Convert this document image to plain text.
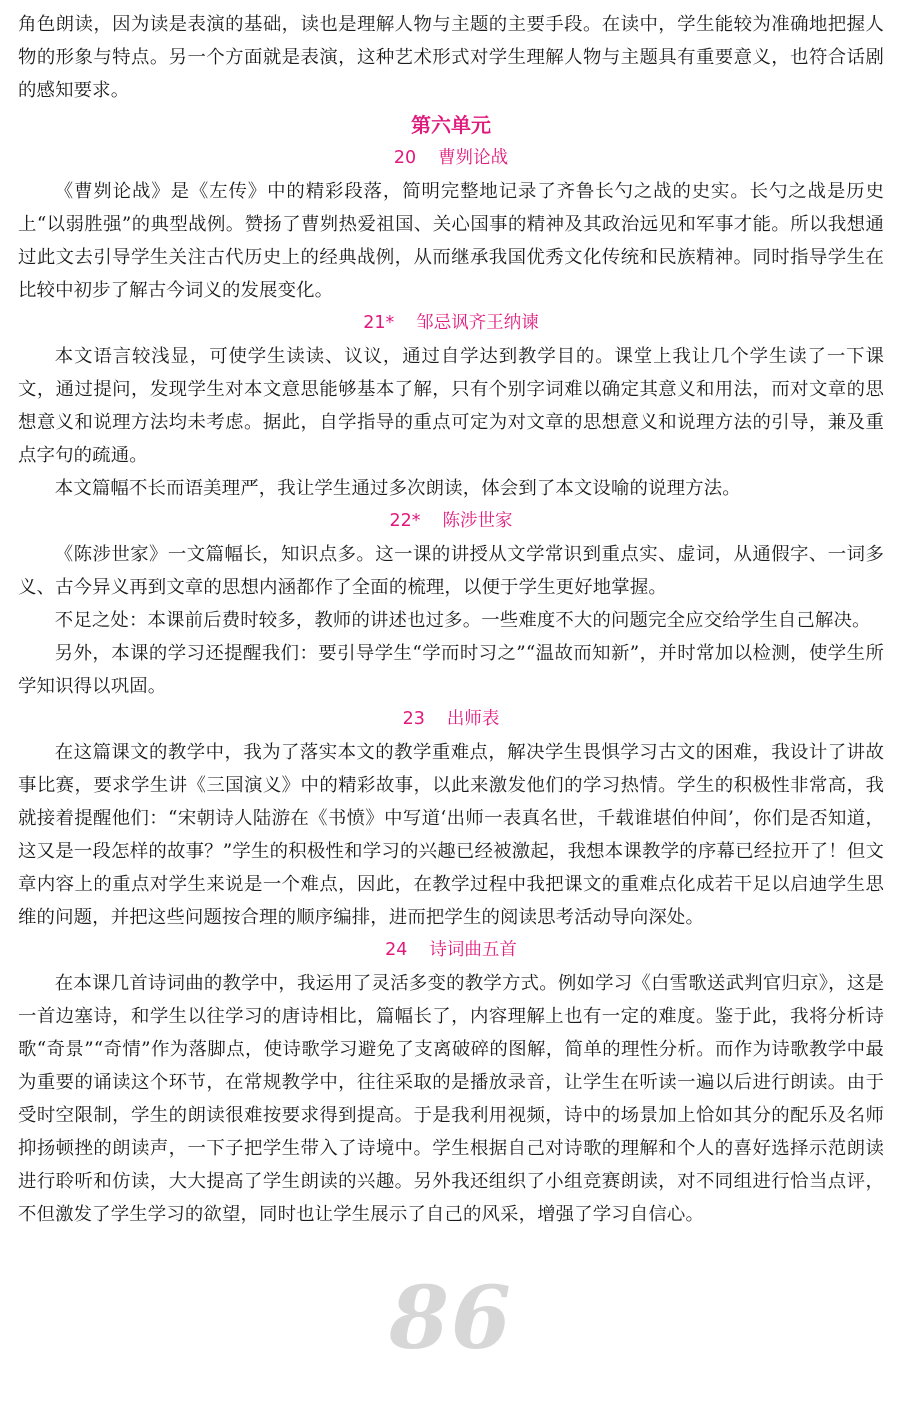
角色朗读，因为读是表演的基础，读也是理解人物与主题的主要手段。在读中，学生能较为准确地把握人物的形象与特点。另一个方面就是表演，这种艺术形式对学生理解人物与主题具有重要意义，也符合话剧的感知要求。

第六单元
20 曹刿论战

《曹刿论战》是《左传》中的精彩段落，简明完整地记录了齐鲁长勺之战的史实。长勺之战是历史上“以弱胜强”的典型战例。赞扬了曹刿热爱祖国、关心国事的精神及其政治远见和军事才能。所以我想通过此文去引导学生关注古代历史上的经典战例，从而继承我国优秀文化传统和民族精神。同时指导学生在比较中初步了解古今词义的发展变化。

21* 邹忌讽齐王纳谏

本文语言较浅显，可使学生读读、议议，通过自学达到教学目的。课堂上我让几个学生读了一下课文，通过提问，发现学生对本文意思能够基本了解，只有个别字词难以确定其意义和用法，而对文章的思想意义和说理方法均未考虑。据此，自学指导的重点可定为对文章的思想意义和说理方法的引导，兼及重点字句的疏通。

本文篇幅不长而语美理严，我让学生通过多次朗读，体会到了本文设喻的说理方法。

22* 陈涉世家

《陈涉世家》一文篇幅长，知识点多。这一课的讲授从文学常识到重点实、虚词，从通假字、一词多义、古今异义再到文章的思想内涵都作了全面的梳理，以便于学生更好地掌握。

不足之处：本课前后费时较多，教师的讲述也过多。一些难度不大的问题完全应交给学生自己解决。

另外，本课的学习还提醒我们：要引导学生“学而时习之”“温故而知新”，并时常加以检测，使学生所学知识得以巩固。

23 出师表

在这篇课文的教学中，我为了落实本文的教学重难点，解决学生畏惧学习古文的困难，我设计了讲故事比赛，要求学生讲《三国演义》中的精彩故事，以此来激发他们的学习热情。学生的积极性非常高，我就接着提醒他们：“宋朝诗人陆游在《书愤》中写道‘出师一表真名世，千载谁堪伯仲间’，你们是否知道，这又是一段怎样的故事？”学生的积极性和学习的兴趣已经被激起，我想本课教学的序幕已经拉开了！但文章内容上的重点对学生来说是一个难点，因此，在教学过程中我把课文的重难点化成若干足以启迪学生思维的问题，并把这些问题按合理的顺序编排，进而把学生的阅读思考活动导向深处。

24 诗词曲五首

在本课几首诗词曲的教学中，我运用了灵活多变的教学方式。例如学习《白雪歌送武判官归京》，这是一首边塞诗，和学生以往学习的唐诗相比，篇幅长了，内容理解上也有一定的难度。鉴于此，我将分析诗歌“奇景”“奇情”作为落脚点，使诗歌学习避免了支离破碎的图解，简单的理性分析。而作为诗歌教学中最为重要的诵读这个环节，在常规教学中，往往采取的是播放录音，让学生在听读一遍以后进行朗读。由于受时空限制，学生的朗读很难按要求得到提高。于是我利用视频，诗中的场景加上恰如其分的配乐及名师抑扬顿挫的朗读声，一下子把学生带入了诗境中。学生根据自己对诗歌的理解和个人的喜好选择示范朗读进行聆听和仿读，大大提高了学生朗读的兴趣。另外我还组织了小组竞赛朗读，对不同组进行恰当点评，不但激发了学生学习的欲望，同时也让学生展示了自己的风采，增强了学习自信心。

86
